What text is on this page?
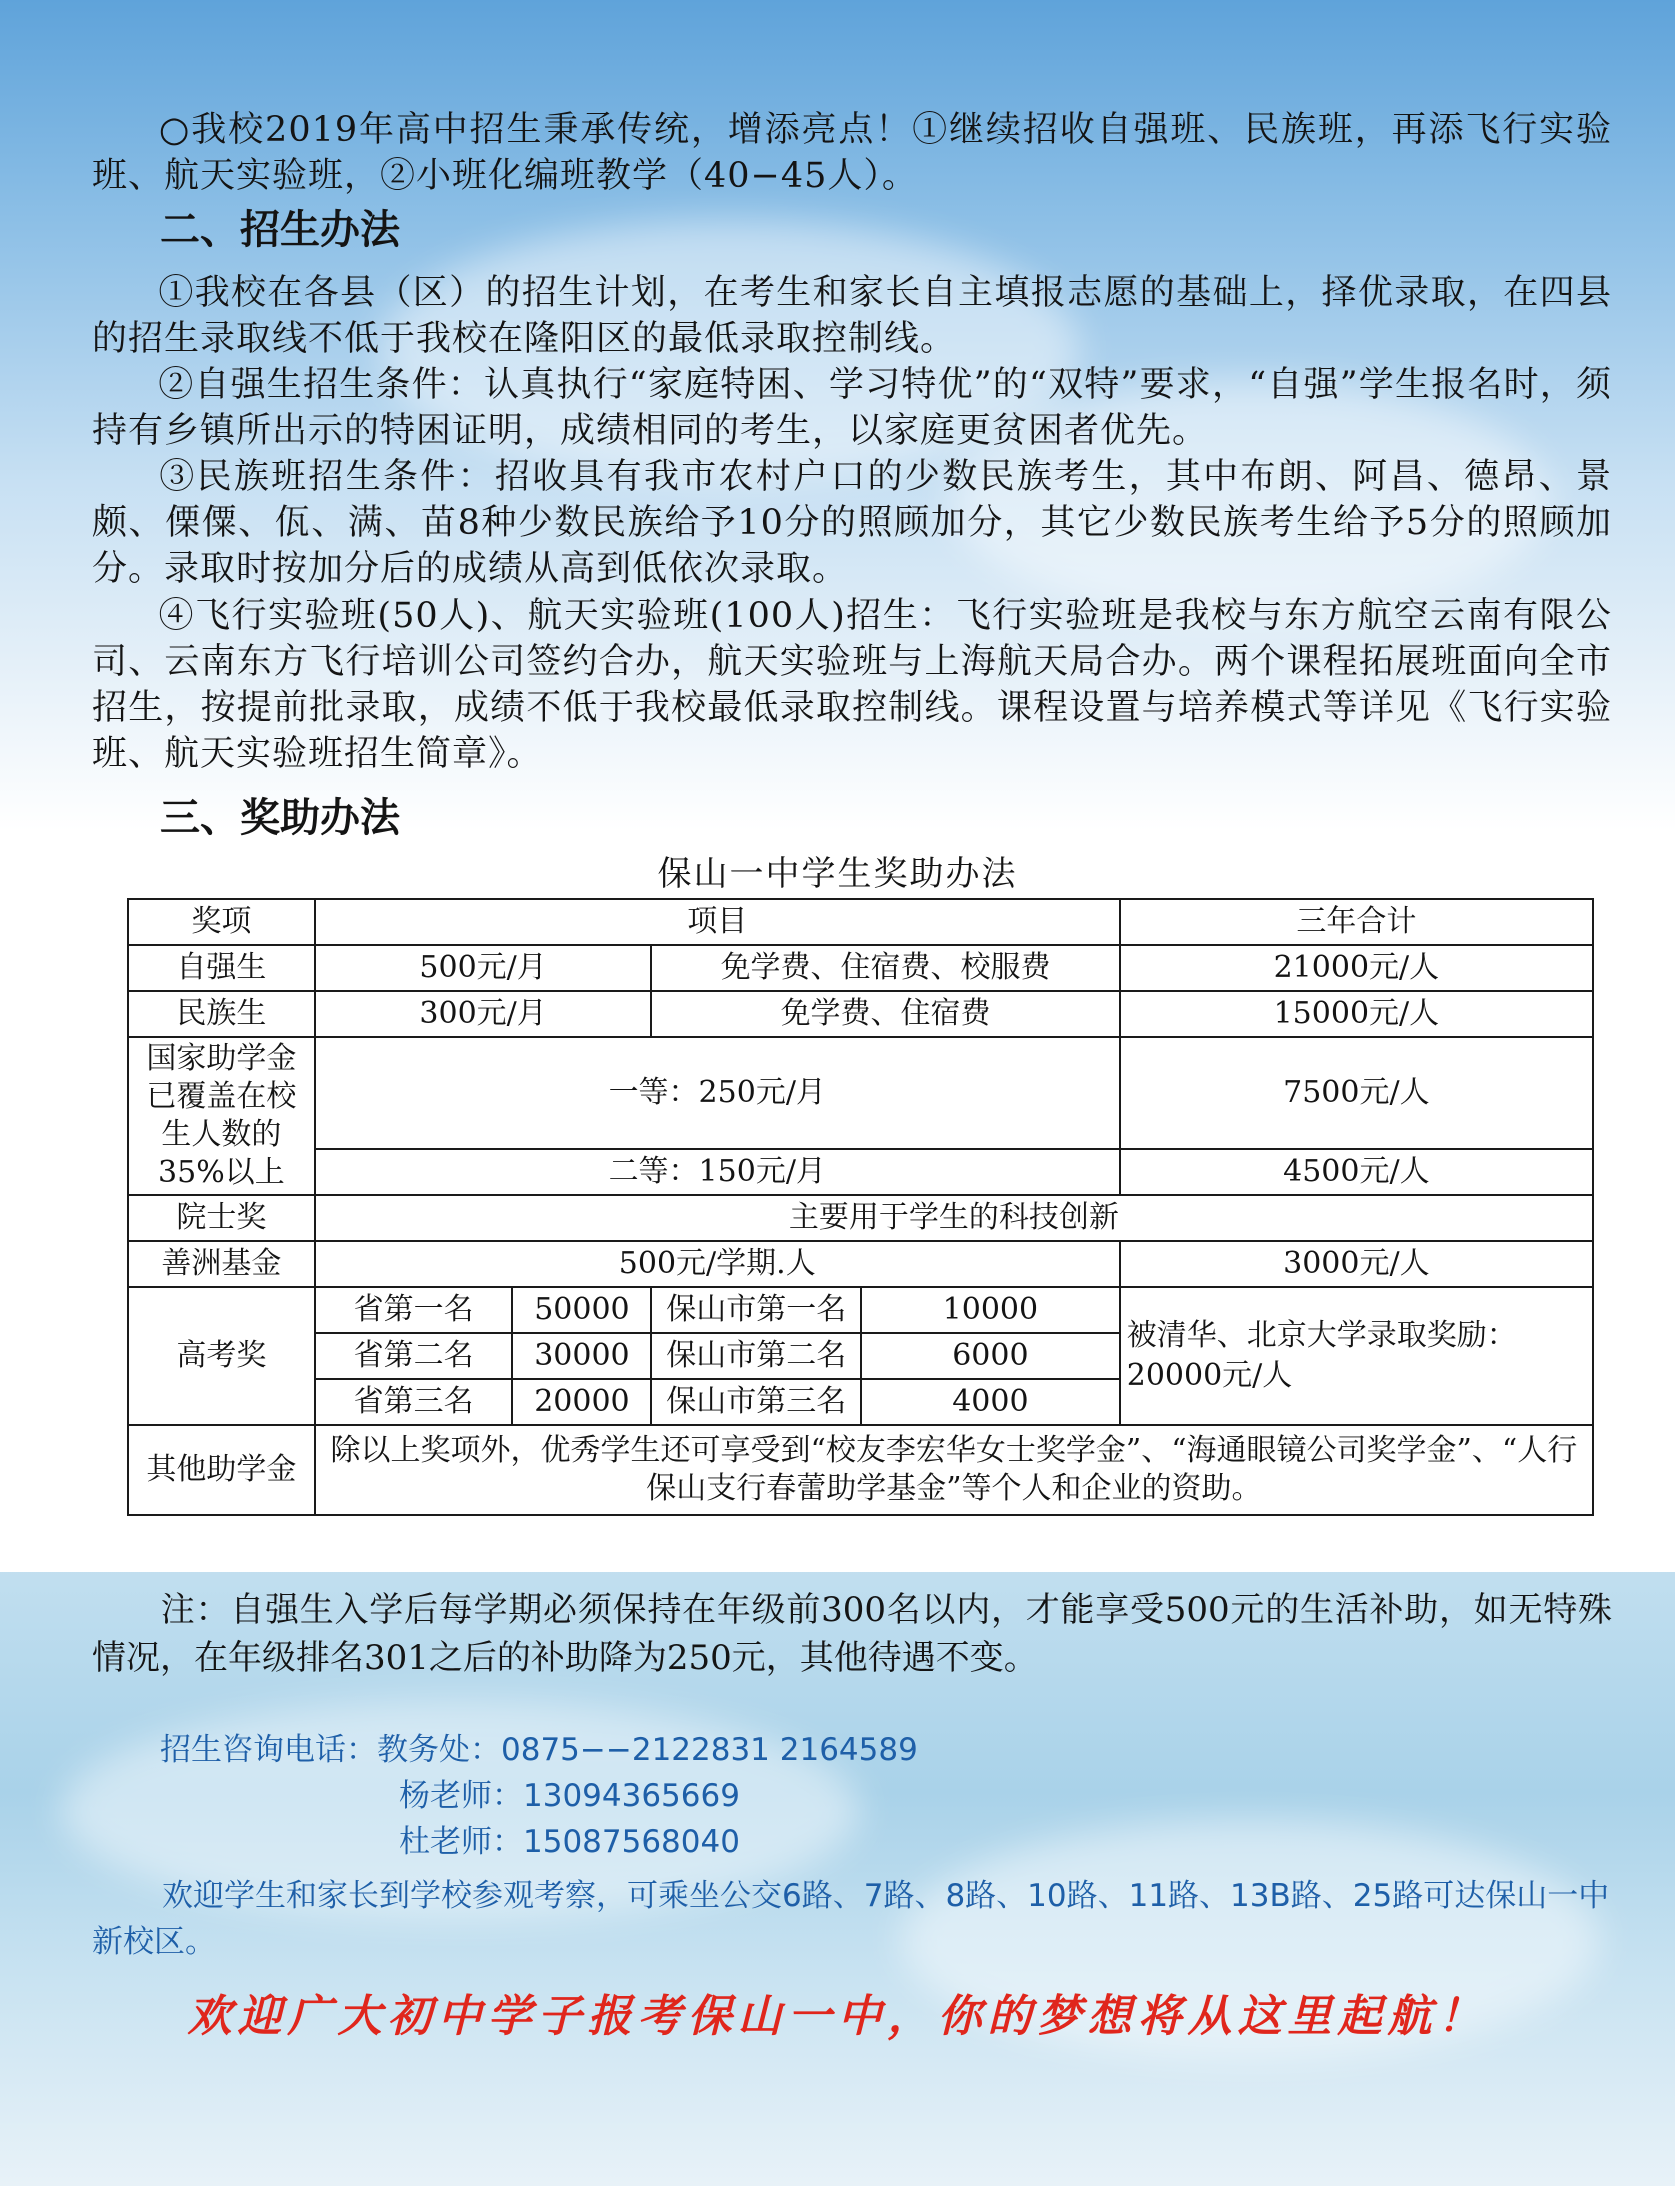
○我校2019年高中招生秉承传统，增添亮点！①继续招收自强班、民族班，再添飞行实验班、航天实验班，②小班化编班教学（40−45人）。

二、招生办法

①我校在各县（区）的招生计划，在考生和家长自主填报志愿的基础上，择优录取，在四县的招生录取线不低于我校在隆阳区的最低录取控制线。

②自强生招生条件：认真执行“家庭特困、学习特优”的“双特”要求，“自强”学生报名时，须持有乡镇所出示的特困证明，成绩相同的考生，以家庭更贫困者优先。

③民族班招生条件：招收具有我市农村户口的少数民族考生，其中布朗、阿昌、德昂、景颇、傈僳、佤、满、苗8种少数民族给予10分的照顾加分，其它少数民族考生给予5分的照顾加分。录取时按加分后的成绩从高到低依次录取。

④飞行实验班(50人)、航天实验班(100人)招生：飞行实验班是我校与东方航空云南有限公司、云南东方飞行培训公司签约合办，航天实验班与上海航天局合办。两个课程拓展班面向全市招生，按提前批录取，成绩不低于我校最低录取控制线。课程设置与培养模式等详见《飞行实验班、航天实验班招生简章》。

三、奖助办法
保山一中学生奖助办法
奖项	项目				三年合计
自强生	500元/月		免学费、住宿费、校服费		21000元/人
民族生	300元/月		免学费、住宿费		15000元/人
国家助学金已覆盖在校生人数的35%以上	一等：250元/月				7500元/人
	二等：150元/月				4500元/人
院士奖	主要用于学生的科技创新				
善洲基金	500元/学期.人				3000元/人
高考奖	省第一名	50000	保山市第一名	10000	被清华、北京大学录取奖励：20000元/人
	省第二名	30000	保山市第二名	6000	
	省第三名	20000	保山市第三名	4000	
其他助学金	除以上奖项外，优秀学生还可享受到“校友李宏华女士奖学金”、“海通眼镜公司奖学金”、“人行保山支行春蕾助学基金”等个人和企业的资助。				

注：自强生入学后每学期必须保持在年级前300名以内，才能享受500元的生活补助，如无特殊情况，在年级排名301之后的补助降为250元，其他待遇不变。

招生咨询电话：教务处：0875−−2122831 2164589
杨老师：13094365669
杜老师：15087568040
欢迎学生和家长到学校参观考察，可乘坐公交6路、7路、8路、10路、11路、13B路、25路可达保山一中新校区。
欢迎广大初中学子报考保山一中，你的梦想将从这里起航！
